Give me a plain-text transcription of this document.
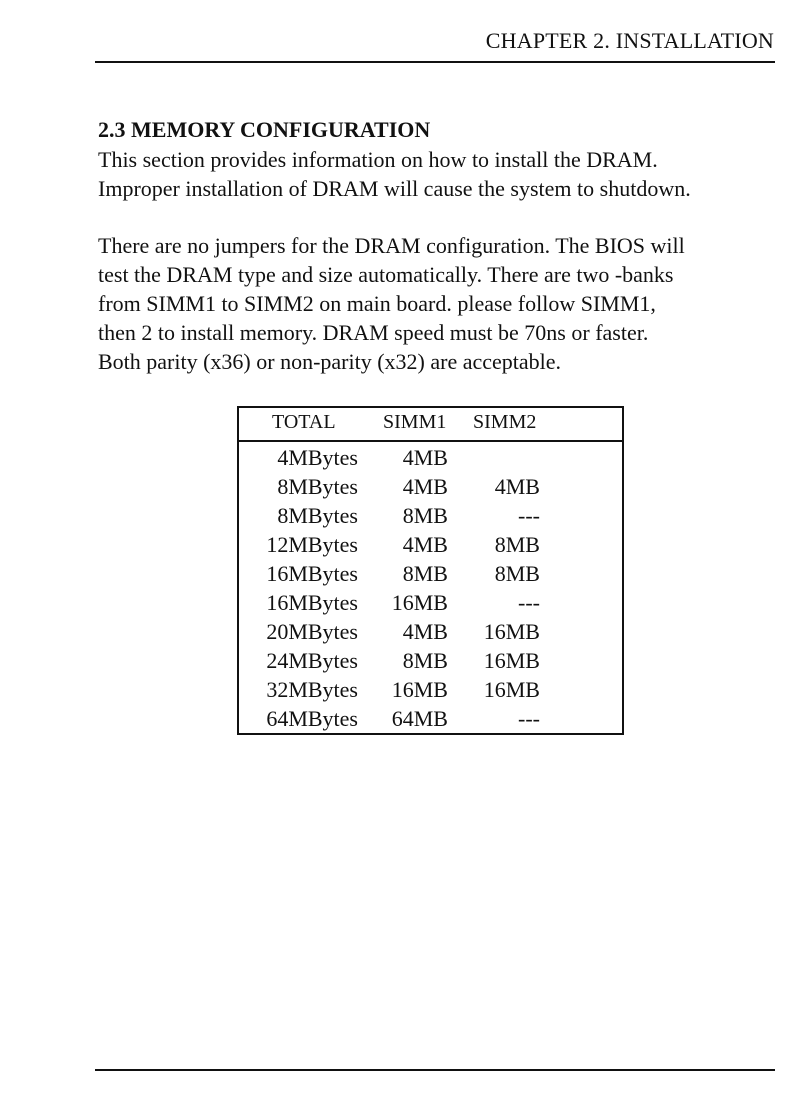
CHAPTER 2. INSTALLATION
2.3 MEMORY CONFIGURATION
This section provides information on how to install the DRAM.
Improper installation of DRAM will cause the system to shutdown.
There are no jumpers for the DRAM configuration. The BIOS will
test the DRAM type and size automatically. There are two -banks
from SIMM1 to SIMM2 on main board. please follow SIMM1,
then 2 to install memory. DRAM speed must be 70ns or faster.
Both parity (x36) or non-parity (x32) are acceptable.
TOTAL SIMM1 SIMM2
4MBytes 4MB
8MBytes 4MB 4MB
8MBytes 8MB	---
12MBytes 4MB 8MB
16MBytes 8MB 8MB
16MBytes 16MB	---
20MBytes 4MB 16MB
24MBytes 8MB 16MB
32MBytes 16MB 16MB
64MBytes 64MB	---
